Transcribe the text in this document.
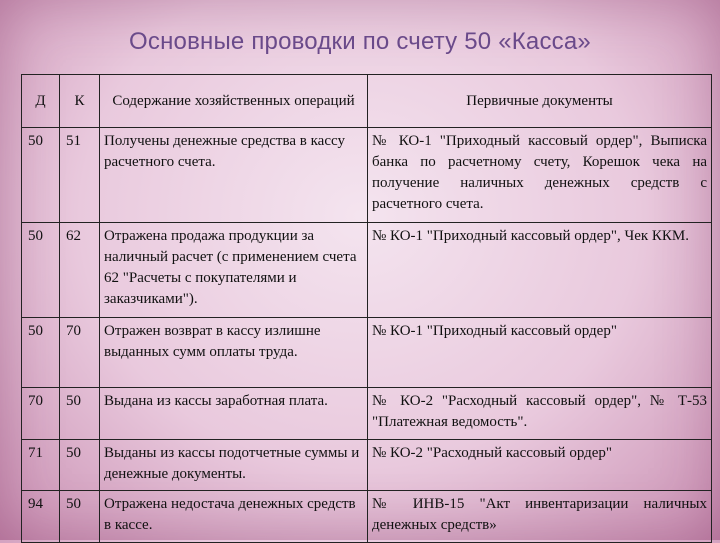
Основные проводки по счету 50 «Касса»
Д	К	Содержание хозяйственных операций	Первичные документы
50	51	Получены денежные средства в кассу расчетного счета.	№ КО-1 "Приходный кассовый ордер", Выписка банка по расчетному счету, Корешок чека на получение наличных денежных средств с расчетного счета.
50	62	Отражена продажа продукции за наличный расчет (с применением счета 62 "Расчеты с покупателями и заказчиками").	№ КО-1 "Приходный кассовый ордер", Чек ККМ.
50	70	Отражен возврат в кассу излишне выданных сумм оплаты труда.	№ КО-1 "Приходный кассовый ордер"
70	50	Выдана из кассы заработная плата.	№ КО-2 "Расходный кассовый ордер", № Т-53 "Платежная ведомость".
71	50	Выданы из кассы подотчетные суммы и денежные документы.	№ КО-2 "Расходный кассовый ордер"
94	50	Отражена недостача денежных средств в кассе.	№ ИНВ-15 "Акт инвентаризации наличных денежных средств»
